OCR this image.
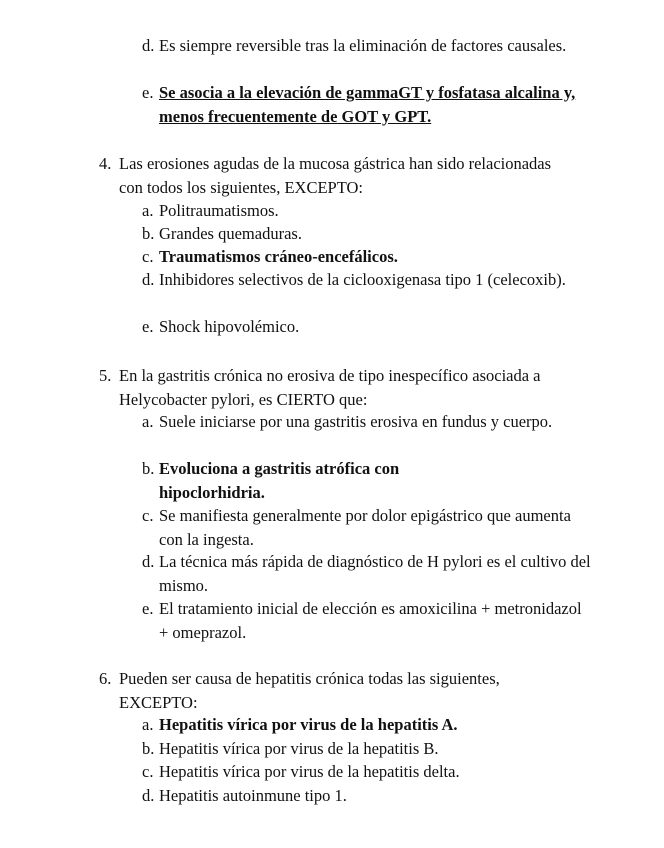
d. Es siempre reversible tras la eliminación de factores causales.
e. Se asocia a la elevación de gammaGT y fosfatasa alcalina y, menos frecuentemente de GOT y GPT.
4. Las erosiones agudas de la mucosa gástrica han sido relacionadas con todos los siguientes, EXCEPTO:
a. Politraumatismos.
b. Grandes quemaduras.
c. Traumatismos cráneo-encefálicos.
d. Inhibidores selectivos de la ciclooxigenasa tipo 1 (celecoxib).
e. Shock hipovolémico.
5. En la gastritis crónica no erosiva de tipo inespecífico asociada a Helycobacter pylori, es CIERTO que:
a. Suele iniciarse por una gastritis erosiva en fundus y cuerpo.
b. Evoluciona a gastritis atrófica con hipoclorhidria.
c. Se manifiesta generalmente por dolor epigástrico que aumenta con la ingesta.
d. La técnica más rápida de diagnóstico de H pylori es el cultivo del mismo.
e. El tratamiento inicial de elección es amoxicilina + metronidazol + omeprazol.
6. Pueden ser causa de hepatitis crónica todas las siguientes, EXCEPTO:
a. Hepatitis vírica por virus de la hepatitis A.
b. Hepatitis vírica por virus de la hepatitis B.
c. Hepatitis vírica por virus de la hepatitis delta.
d. Hepatitis autoinmune tipo 1.
